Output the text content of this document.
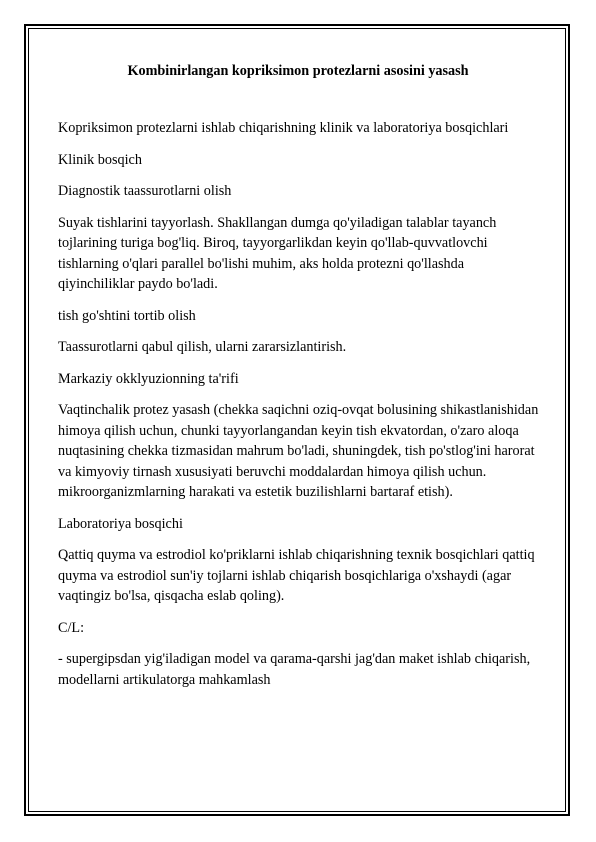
Kombinirlangan kopriksimon protezlarni asosini yasash

Kopriksimon protezlarni ishlab chiqarishning klinik va laboratoriya bosqichlari

Klinik bosqich

Diagnostik taassurotlarni olish

Suyak tishlarini tayyorlash. Shakllangan dumga qo'yiladigan talablar tayanch tojlarining turiga bog'liq. Biroq, tayyorgarlikdan keyin qo'llab-quvvatlovchi tishlarning o'qlari parallel bo'lishi muhim, aks holda protezni qo'llashda qiyinchiliklar paydo bo'ladi.

tish go'shtini tortib olish

Taassurotlarni qabul qilish, ularni zararsizlantirish.

Markaziy okklyuzionning ta'rifi

Vaqtinchalik protez yasash (chekka saqichni oziq-ovqat bolusining shikastlanishidan himoya qilish uchun, chunki tayyorlangandan keyin tish ekvatordan, o'zaro aloqa nuqtasining chekka tizmasidan mahrum bo'ladi, shuningdek, tish po'stlog'ini harorat va kimyoviy tirnash xususiyati beruvchi moddalardan himoya qilish uchun. mikroorganizmlarning harakati va estetik buzilishlarni bartaraf etish).

Laboratoriya bosqichi

Qattiq quyma va estrodiol ko'priklarni ishlab chiqarishning texnik bosqichlari qattiq quyma va estrodiol sun'iy tojlarni ishlab chiqarish bosqichlariga o'xshaydi (agar vaqtingiz bo'lsa, qisqacha eslab qoling).

C/L:

- supergipsdan yig'iladigan model va qarama-qarshi jag'dan maket ishlab chiqarish, modellarni artikulatorga mahkamlash
